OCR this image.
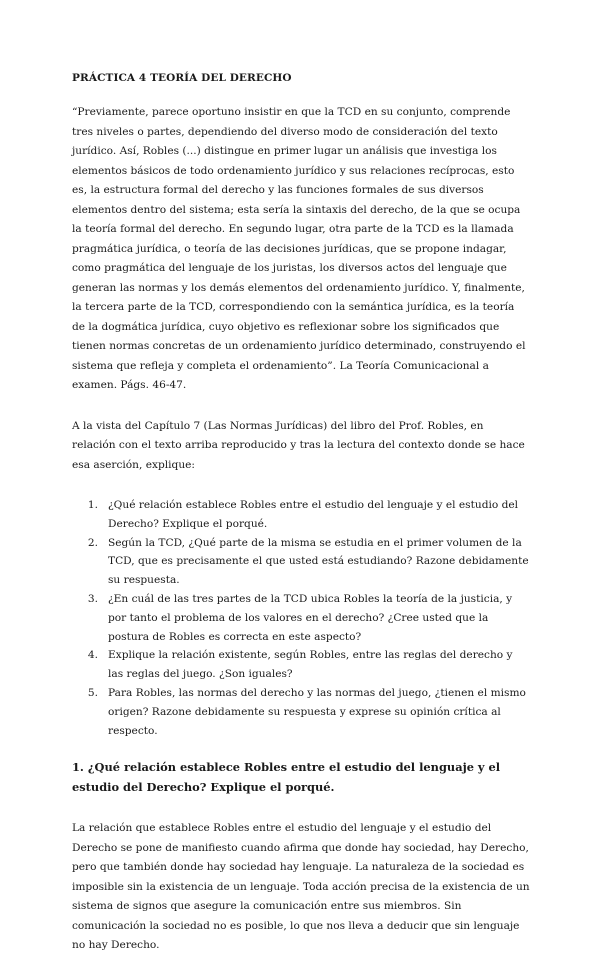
PRÁCTICA 4 TEORÍA DEL DERECHO

“Previamente, parece oportuno insistir en que la TCD en su conjunto, comprende tres niveles o partes, dependiendo del diverso modo de consideración del texto jurídico. Así, Robles (...) distingue en primer lugar un análisis que investiga los elementos básicos de todo ordenamiento jurídico y sus relaciones recíprocas, esto es, la estructura formal del derecho y las funciones formales de sus diversos elementos dentro del sistema; esta sería la sintaxis del derecho, de la que se ocupa la teoría formal del derecho. En segundo lugar, otra parte de la TCD es la llamada pragmática jurídica, o teoría de las decisiones jurídicas, que se propone indagar, como pragmática del lenguaje de los juristas, los diversos actos del lenguaje que generan las normas y los demás elementos del ordenamiento jurídico. Y, finalmente, la tercera parte de la TCD, correspondiendo con la semántica jurídica, es la teoría de la dogmática jurídica, cuyo objetivo es reflexionar sobre los significados que tienen normas concretas de un ordenamiento jurídico determinado, construyendo el sistema que refleja y completa el ordenamiento”. La Teoría Comunicacional a examen. Págs. 46-47.

A la vista del Capítulo 7 (Las Normas Jurídicas) del libro del Prof. Robles, en relación con el texto arriba reproducido y tras la lectura del contexto donde se hace esa aserción, explique:

1. ¿Qué relación establece Robles entre el estudio del lenguaje y el estudio del Derecho? Explique el porqué.
2. Según la TCD, ¿Qué parte de la misma se estudia en el primer volumen de la TCD, que es precisamente el que usted está estudiando? Razone debidamente su respuesta.
3. ¿En cuál de las tres partes de la TCD ubica Robles la teoría de la justicia, y por tanto el problema de los valores en el derecho? ¿Cree usted que la postura de Robles es correcta en este aspecto?
4. Explique la relación existente, según Robles, entre las reglas del derecho y las reglas del juego. ¿Son iguales?
5. Para Robles, las normas del derecho y las normas del juego, ¿tienen el mismo origen? Razone debidamente su respuesta y exprese su opinión crítica al respecto.
1. ¿Qué relación establece Robles entre el estudio del lenguaje y el estudio del Derecho? Explique el porqué.

La relación que establece Robles entre el estudio del lenguaje y el estudio del Derecho se pone de manifiesto cuando afirma que donde hay sociedad, hay Derecho, pero que también donde hay sociedad hay lenguaje. La naturaleza de la sociedad es imposible sin la existencia de un lenguaje. Toda acción precisa de la existencia de un sistema de signos que asegure la comunicación entre sus miembros. Sin comunicación la sociedad no es posible, lo que nos lleva a deducir que sin lenguaje no hay Derecho.
